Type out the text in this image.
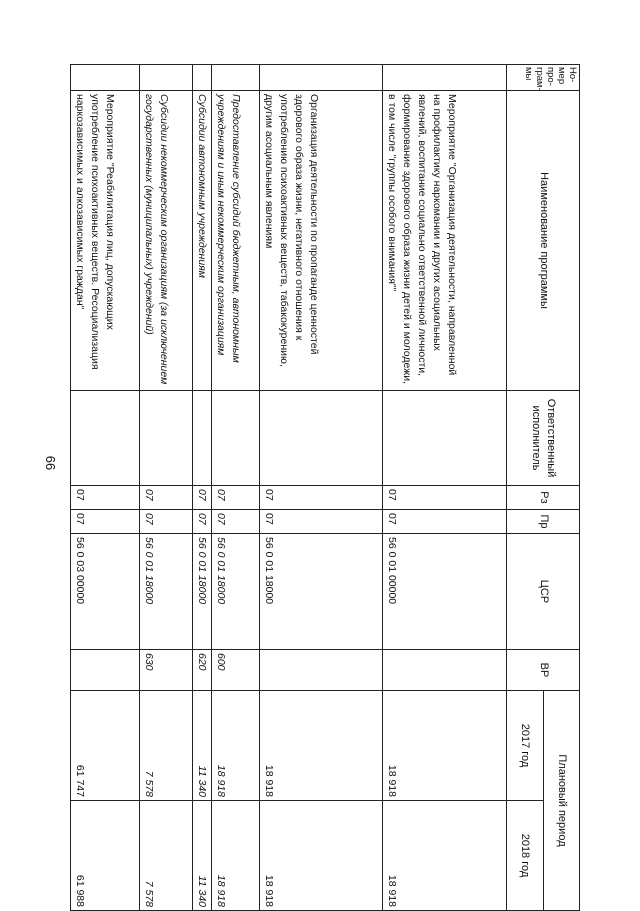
66
Но-мер про-грам-мы	Наименование программы	Ответственный исполнитель	Рз	Пр	ЦСР	ВР	Плановый период	
							2017 год	2018 год
	Мероприятие "Организация деятельности, направленной на профилактику наркомании и других асоциальных явлений, воспитание социально ответственной личности, формирование здорового образа жизни детей и молодежи, в том числе "группы особого внимания""		07	07	56 0 01 00000		18 918	18 918
	Организация деятельности по пропаганде ценностей здорового образа жизни, негативного отношения к употреблению психоактивных веществ, табакокурению, другим асоциальным явлениям		07	07	56 0 01 18000		18 918	18 918
	Предоставление субсидий бюджетным, автономным учреждениям и иным некоммерческим организациям		07	07	56 0 01 18000	600	18 918	18 918
	Субсидии автономным учреждениям		07	07	56 0 01 18000	620	11 340	11 340
	Субсидии некоммерческим организациям (за исключением государственных (муниципальных) учреждений)		07	07	56 0 01 18000	630	7 578	7 578
	Мероприятие "Реабилитация лиц, допускающих употребление психоактивных веществ. Ресоциализация наркозависимых и алкозависимых граждан"		07	07	56 0 03 00000		61 747	61 988
